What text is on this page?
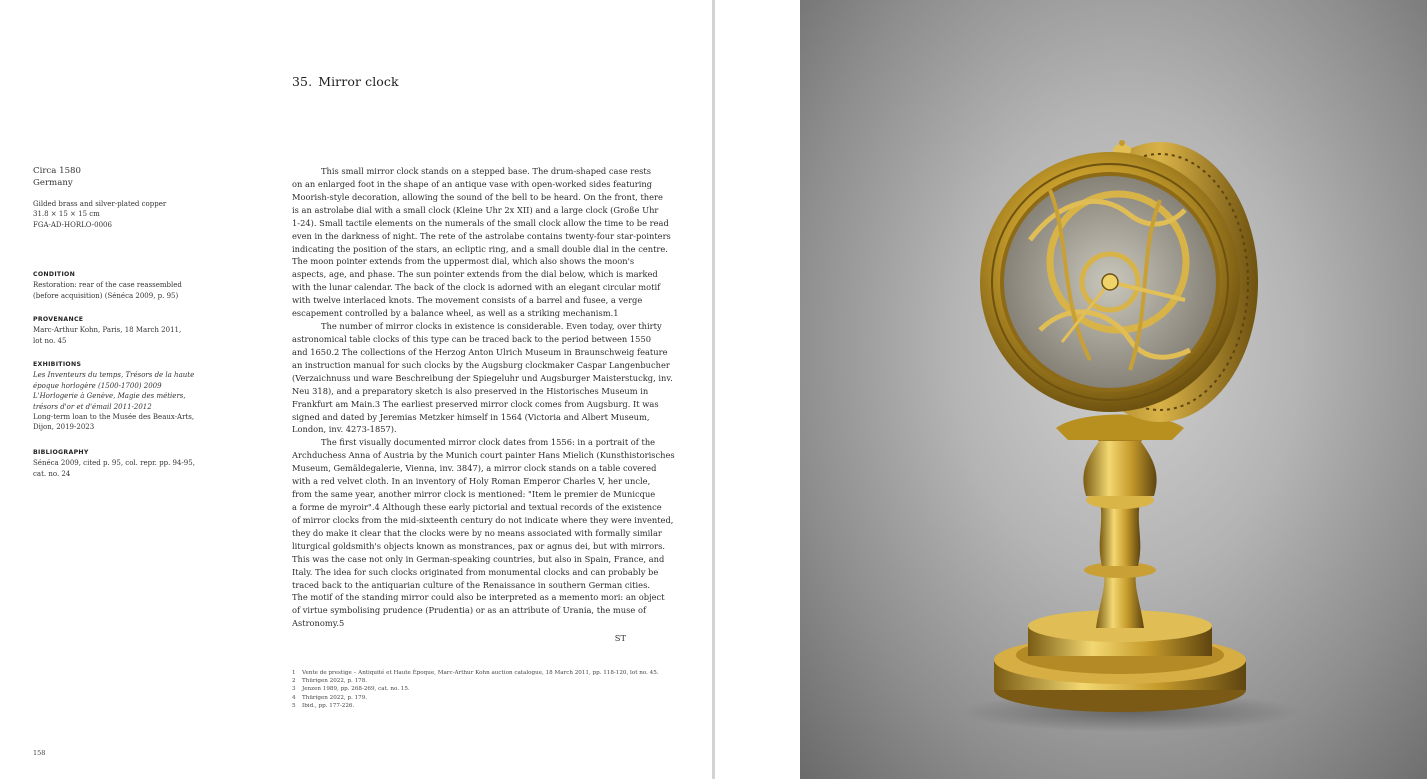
35. Mirror clock
Circa 1580
Germany
Gilded brass and silver-plated copper
31.8 × 15 × 15 cm
FGA-AD-HORLO-0006
CONDITION
Restoration: rear of the case reassembled
(before acquisition) (Sénéca 2009, p. 95)
PROVENANCE
Marc-Arthur Kohn, Paris, 18 March 2011,
lot no. 45
EXHIBITIONS
Les Inventeurs du temps, Trésors de la haute
époque horlogère (1500-1700) 2009
L'Horlogerie à Genève, Magie des métiers,
trésors d'or et d'émail 2011-2012
Long-term loan to the Musée des Beaux-Arts,
Dijon, 2019-2023
BIBLIOGRAPHY
Sénéca 2009, cited p. 95, col. repr. pp. 94-95,
cat. no. 24
This small mirror clock stands on a stepped base. The drum-shaped case rests
on an enlarged foot in the shape of an antique vase with open-worked sides featuring
Moorish-style decoration, allowing the sound of the bell to be heard. On the front, there
is an astrolabe dial with a small clock (Kleine Uhr 2x XII) and a large clock (Große Uhr
1-24). Small tactile elements on the numerals of the small clock allow the time to be read
even in the darkness of night. The rete of the astrolabe contains twenty-four star-pointers
indicating the position of the stars, an ecliptic ring, and a small double dial in the centre.
The moon pointer extends from the uppermost dial, which also shows the moon's
aspects, age, and phase. The sun pointer extends from the dial below, which is marked
with the lunar calendar. The back of the clock is adorned with an elegant circular motif
with twelve interlaced knots. The movement consists of a barrel and fusee, a verge
escapement controlled by a balance wheel, as well as a striking mechanism.1
The number of mirror clocks in existence is considerable. Even today, over thirty
astronomical table clocks of this type can be traced back to the period between 1550
and 1650.2 The collections of the Herzog Anton Ulrich Museum in Braunschweig feature
an instruction manual for such clocks by the Augsburg clockmaker Caspar Langenbucher
(Verzaichnuss und ware Beschreibung der Spiegeluhr und Augsburger Maisterstuckg, inv.
Neu 318), and a preparatory sketch is also preserved in the Historisches Museum in
Frankfurt am Main.3 The earliest preserved mirror clock comes from Augsburg. It was
signed and dated by Jeremias Metzker himself in 1564 (Victoria and Albert Museum,
London, inv. 4273-1857).
The first visually documented mirror clock dates from 1556: in a portrait of the
Archduchess Anna of Austria by the Munich court painter Hans Mielich (Kunsthistorisches
Museum, Gemäldegalerie, Vienna, inv. 3847), a mirror clock stands on a table covered
with a red velvet cloth. In an inventory of Holy Roman Emperor Charles V, her uncle,
from the same year, another mirror clock is mentioned: "Item le premier de Municque
a forme de myroir".4 Although these early pictorial and textual records of the existence
of mirror clocks from the mid-sixteenth century do not indicate where they were invented,
they do make it clear that the clocks were by no means associated with formally similar
liturgical goldsmith's objects known as monstrances, pax or agnus dei, but with mirrors.
This was the case not only in German-speaking countries, but also in Spain, France, and
Italy. The idea for such clocks originated from monumental clocks and can probably be
traced back to the antiquarian culture of the Renaissance in southern German cities.
The motif of the standing mirror could also be interpreted as a memento mori: an object
of virtue symbolising prudence (Prudentia) or as an attribute of Urania, the muse of
Astronomy.5
ST
1 Vente de prestige – Antiquité et Haute Époque, Marc-Arthur Kohn auction catalogue, 18 March 2011, pp. 118-120, lot no. 45.
2 Thürigen 2022, p. 178.
3 Jenzen 1989, pp. 268-269, cat. no. 15.
4 Thürigen 2022, p. 179.
5 Ibid., pp. 177-226.
158
